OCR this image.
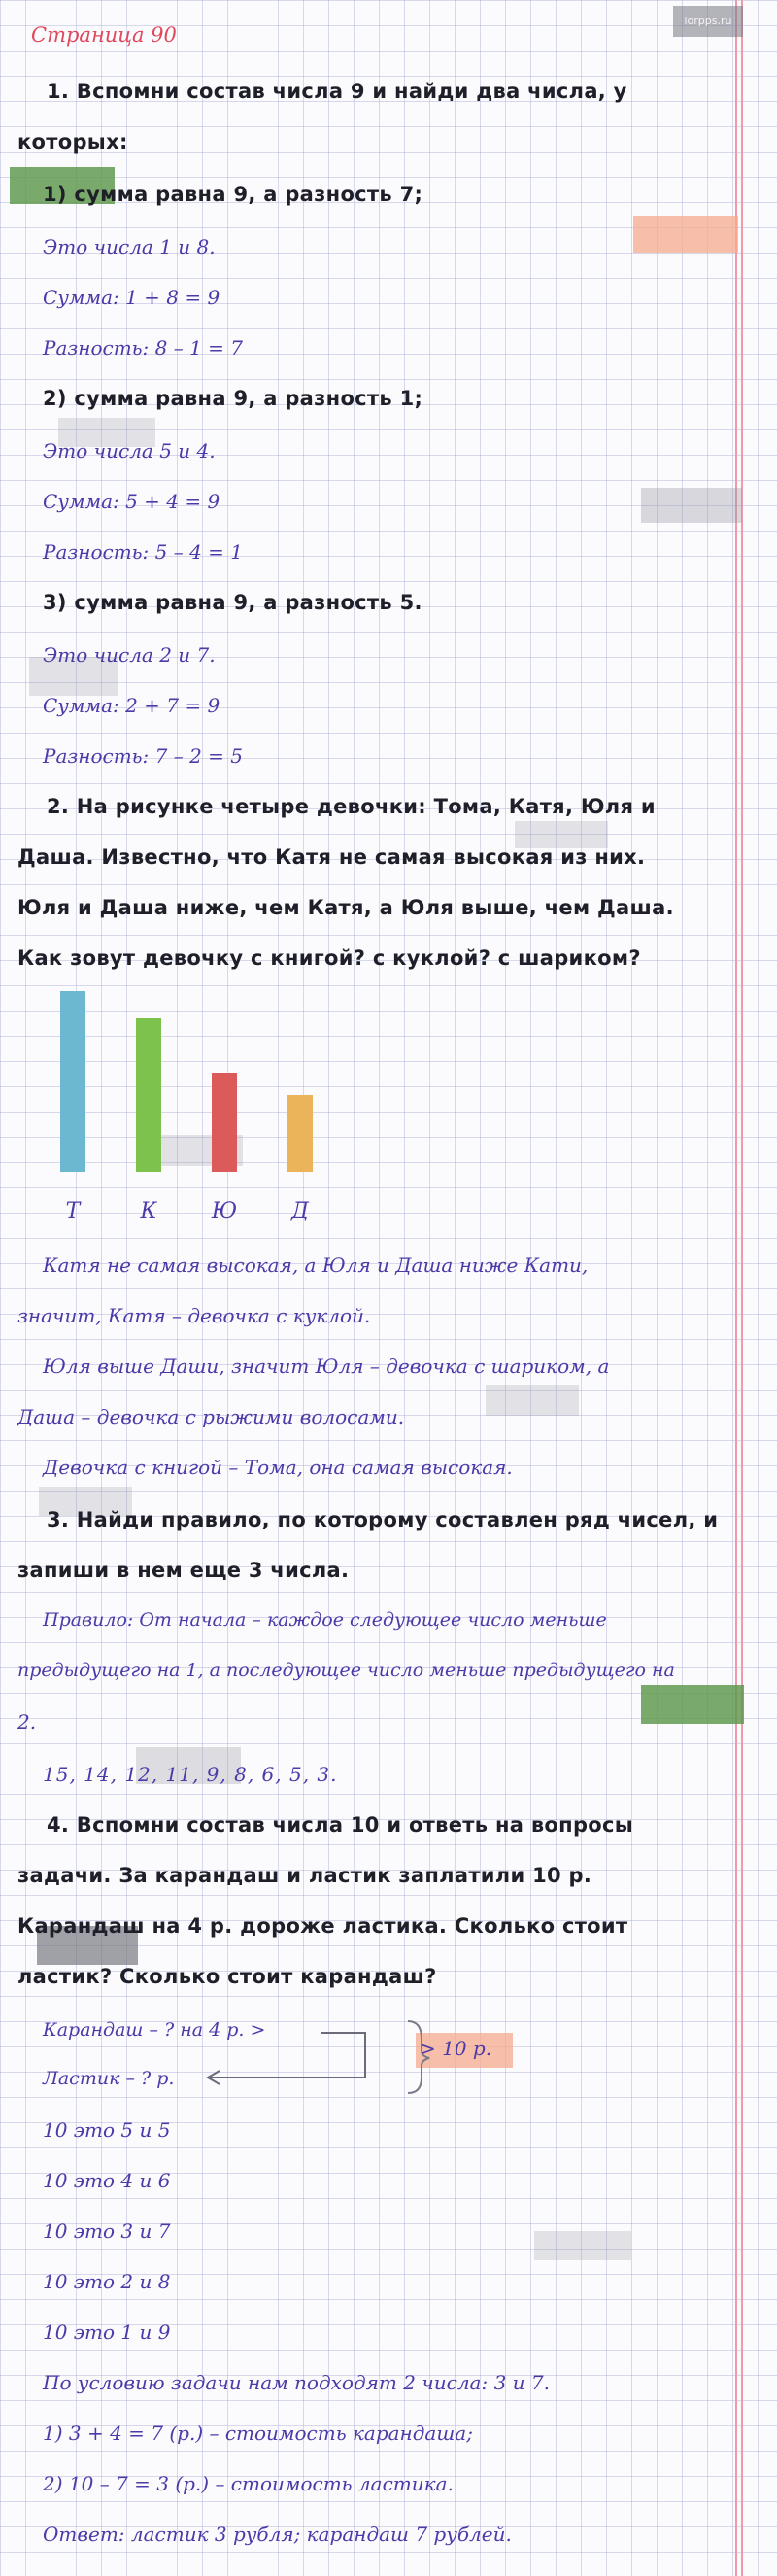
lorpps.ru
Страница 90
1. Вспомни состав числа 9 и найди два числа, у
которых:
1) сумма равна 9, а разность 7;
Это числа 1 и 8.
Сумма: 1 + 8 = 9
Разность: 8 – 1 = 7
2) сумма равна 9, а разность 1;
Это числа 5 и 4.
Сумма: 5 + 4 = 9
Разность: 5 – 4 = 1
3) сумма равна 9, а разность 5.
Это числа 2 и 7.
Сумма: 2 + 7 = 9
Разность: 7 – 2 = 5
2. На рисунке четыре девочки: Тома, Катя, Юля и
Даша. Известно, что Катя не самая высокая из них.
Юля и Даша ниже, чем Катя, а Юля выше, чем Даша.
Как зовут девочку с книгой? с куклой? с шариком?
Т	К	Ю	Д
Катя не самая высокая, а Юля и Даша ниже Кати,
значит, Катя – девочка с куклой.
Юля выше Даши, значит Юля – девочка с шариком, а
Даша – девочка с рыжими волосами.
Девочка с книгой – Тома, она самая высокая.
3. Найди правило, по которому составлен ряд чисел, и
запиши в нем еще 3 числа.
Правило: От начала – каждое следующее число меньше
предыдущего на 1, а последующее число меньше предыдущего на
2.
15, 14, 12, 11, 9, 8, 6, 5, 3.
4. Вспомни состав числа 10 и ответь на вопросы
задачи. За карандаш и ластик заплатили 10 р.
Карандаш на 4 р. дороже ластика. Сколько стоит
ластик? Сколько стоит карандаш?
Карандаш – ? на 4 р. >
Ластик – ? р.
> 10 р.
10 это 5 и 5
10 это 4 и 6
10 это 3 и 7
10 это 2 и 8
10 это 1 и 9
По условию задачи нам подходят 2 числа: 3 и 7.
1) 3 + 4 = 7 (р.) – стоимость карандаша;
2) 10 – 7 = 3 (р.) – стоимость ластика.
Ответ: ластик 3 рубля; карандаш 7 рублей.
